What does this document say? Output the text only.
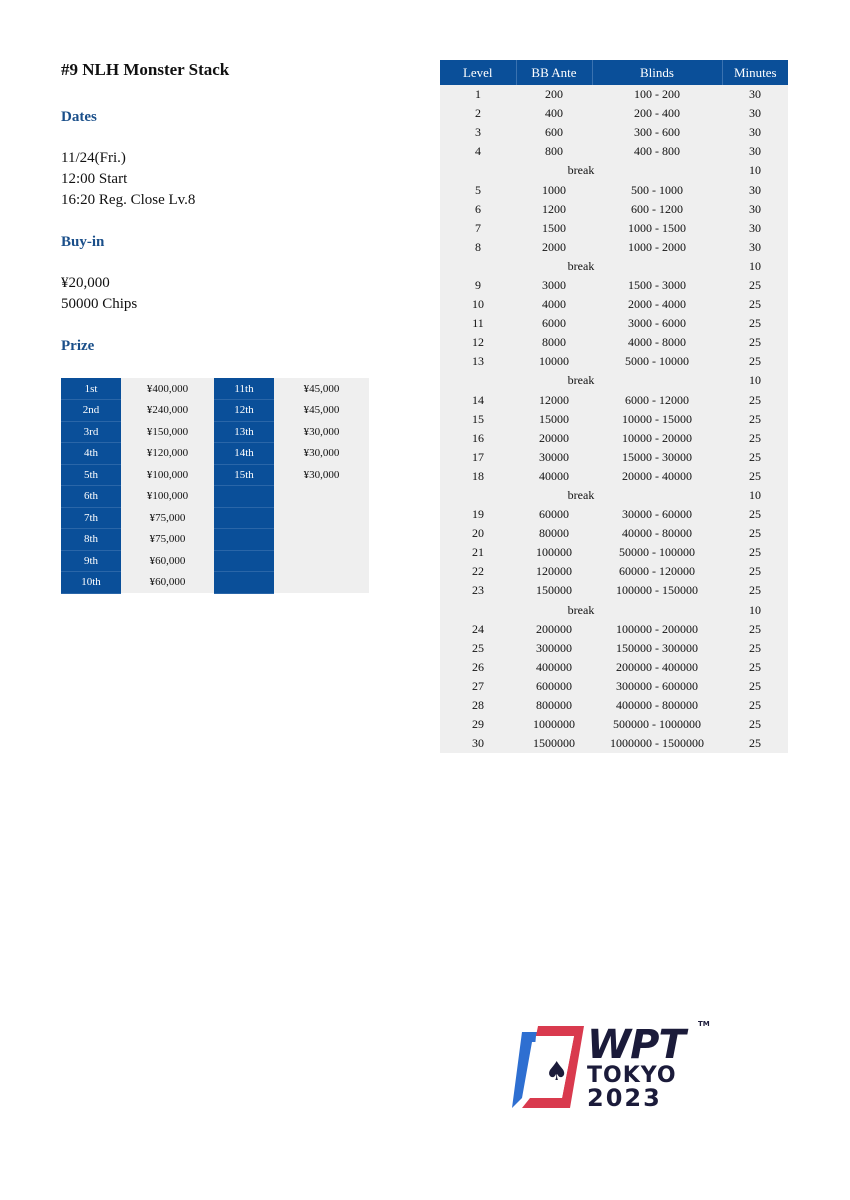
#9 NLH Monster Stack
Dates
11/24(Fri.)
12:00 Start
16:20 Reg. Close Lv.8
Buy-in
¥20,000
50000 Chips
Prize
1st	¥400,000	11th	¥45,000
2nd	¥240,000	12th	¥45,000
3rd	¥150,000	13th	¥30,000
4th	¥120,000	14th	¥30,000
5th	¥100,000	15th	¥30,000
6th	¥100,000		
7th	¥75,000		
8th	¥75,000		
9th	¥60,000		
10th	¥60,000		
Level	BB Ante	Blinds	Minutes
1	200	100 - 200	30
2	400	200 - 400	30
3	600	300 - 600	30
4	800	400 - 800	30
break			10
5	1000	500 - 1000	30
6	1200	600 - 1200	30
7	1500	1000 - 1500	30
8	2000	1000 - 2000	30
break			10
9	3000	1500 - 3000	25
10	4000	2000 - 4000	25
11	6000	3000 - 6000	25
12	8000	4000 - 8000	25
13	10000	5000 - 10000	25
break			10
14	12000	6000 - 12000	25
15	15000	10000 - 15000	25
16	20000	10000 - 20000	25
17	30000	15000 - 30000	25
18	40000	20000 - 40000	25
break			10
19	60000	30000 - 60000	25
20	80000	40000 - 80000	25
21	100000	50000 - 100000	25
22	120000	60000 - 120000	25
23	150000	100000 - 150000	25
break			10
24	200000	100000 - 200000	25
25	300000	150000 - 300000	25
26	400000	200000 - 400000	25
27	600000	300000 - 600000	25
28	800000	400000 - 800000	25
29	1000000	500000 - 1000000	25
30	1500000	1000000 - 1500000	25
♠
WPT TM
TOKYO
2023
